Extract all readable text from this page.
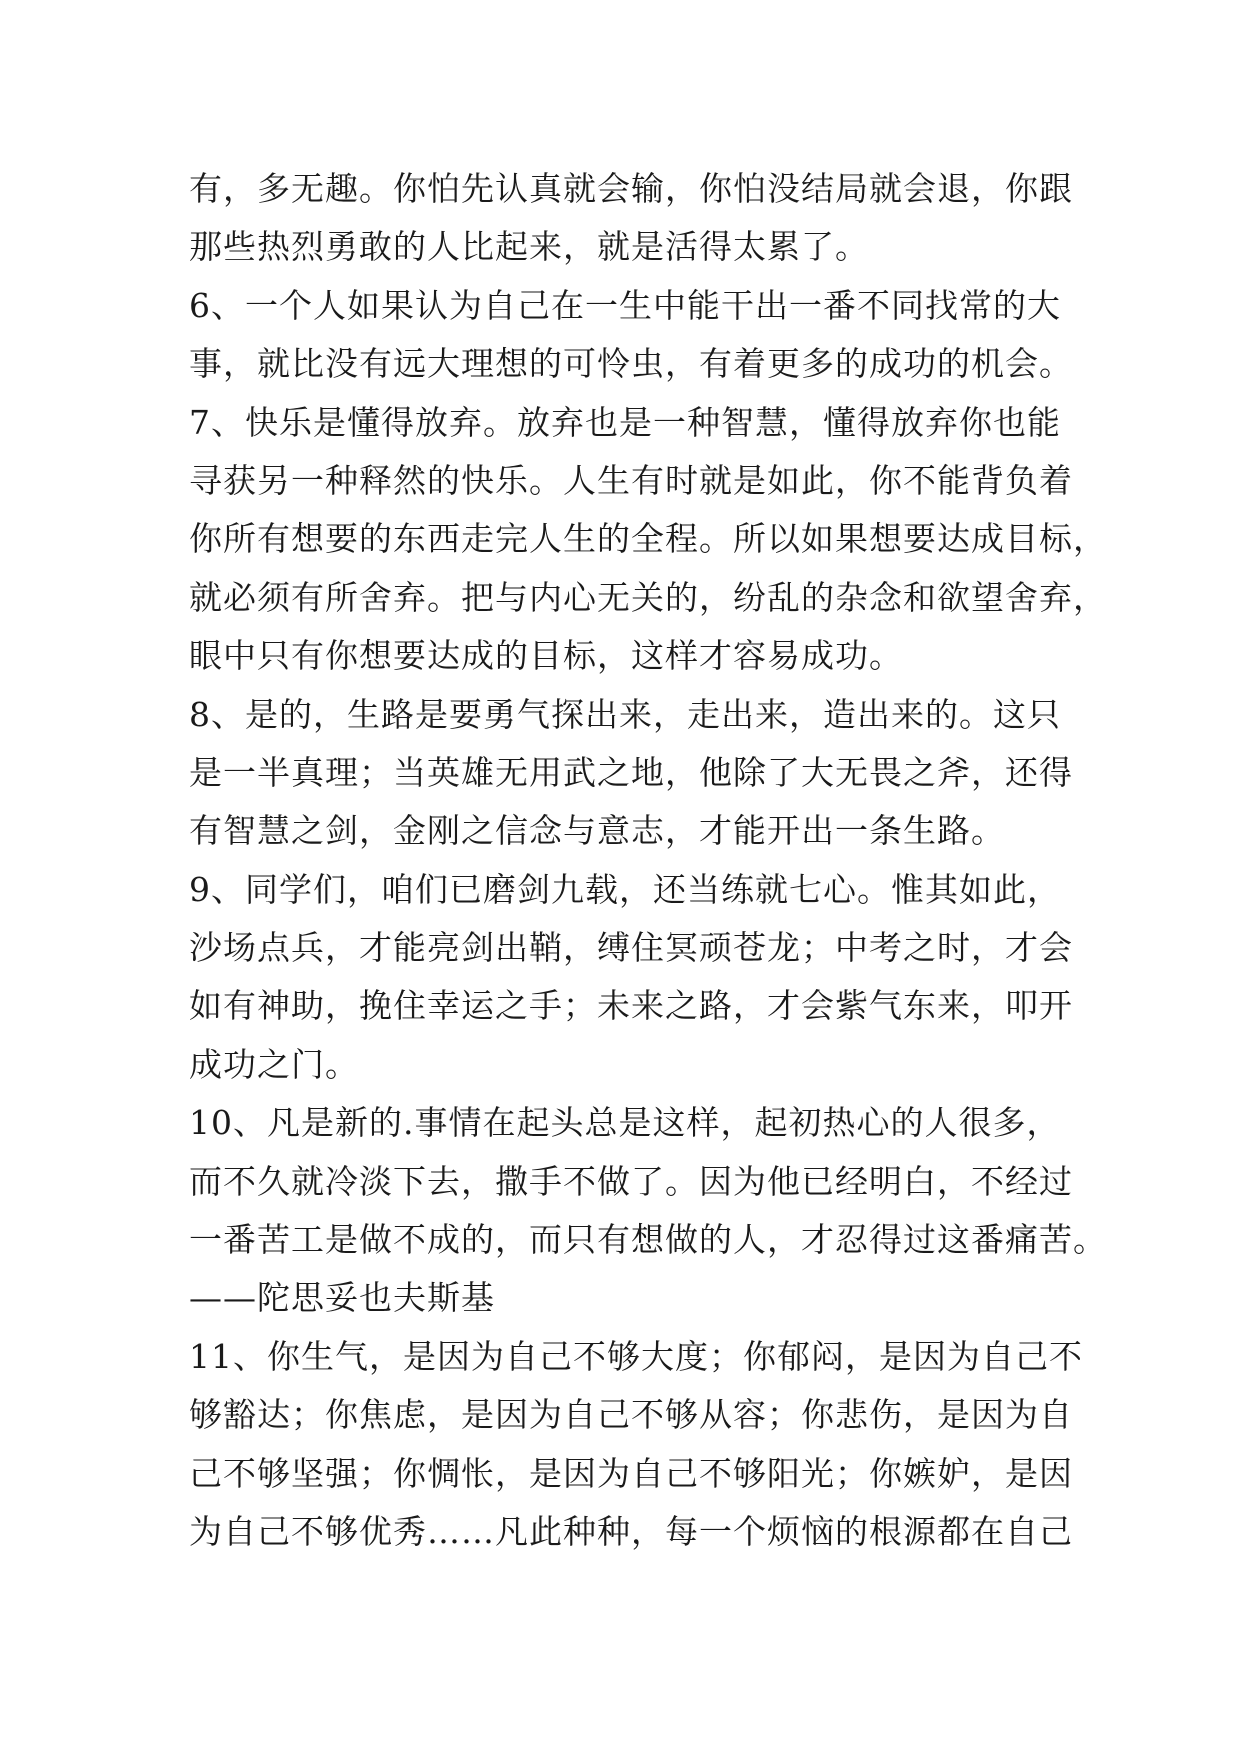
有，多无趣。你怕先认真就会输，你怕没结局就会退，你跟
那些热烈勇敢的人比起来，就是活得太累了。
6、一个人如果认为自己在一生中能干出一番不同找常的大
事，就比没有远大理想的可怜虫，有着更多的成功的机会。
7、快乐是懂得放弃。放弃也是一种智慧，懂得放弃你也能
寻获另一种释然的快乐。人生有时就是如此，你不能背负着
你所有想要的东西走完人生的全程。所以如果想要达成目标，
就必须有所舍弃。把与内心无关的，纷乱的杂念和欲望舍弃，
眼中只有你想要达成的目标，这样才容易成功。
8、是的，生路是要勇气探出来，走出来，造出来的。这只
是一半真理；当英雄无用武之地，他除了大无畏之斧，还得
有智慧之剑，金刚之信念与意志，才能开出一条生路。
9、同学们，咱们已磨剑九载，还当练就七心。惟其如此，
沙场点兵，才能亮剑出鞘，缚住冥顽苍龙；中考之时，才会
如有神助，挽住幸运之手；未来之路，才会紫气东来，叩开
成功之门。
10、凡是新的.事情在起头总是这样，起初热心的人很多，
而不久就冷淡下去，撒手不做了。因为他已经明白，不经过
一番苦工是做不成的，而只有想做的人，才忍得过这番痛苦。
——陀思妥也夫斯基
11、你生气，是因为自己不够大度；你郁闷，是因为自己不
够豁达；你焦虑，是因为自己不够从容；你悲伤，是因为自
己不够坚强；你惆怅，是因为自己不够阳光；你嫉妒，是因
为自己不够优秀……凡此种种，每一个烦恼的根源都在自己
